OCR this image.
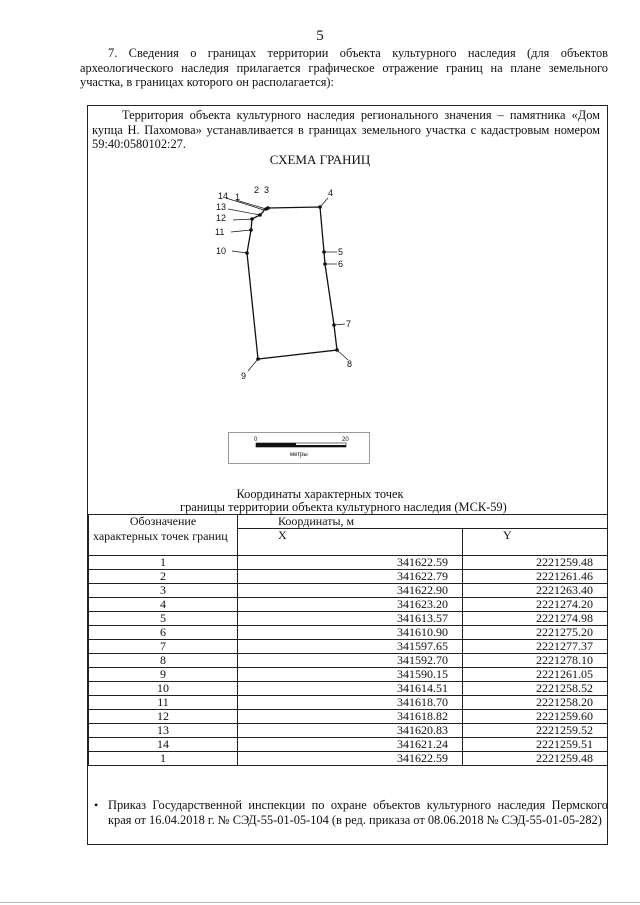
5
7. Сведения о границах территории объекта культурного наследия (для объектов археологического наследия прилагается графическое отражение границ на плане земельного участка, в границах которого он располагается):
Территория объекта культурного наследия регионального значения – памятника «Дом купца Н. Пахомова» устанавливается в границах земельного участка с кадастровым номером 59:40:0580102:27.
СХЕМА ГРАНИЦ
14 1
2 3	4
13
12
11
10	5
6
7
8
9
0	20
метры
Координаты характерных точек
границы территории объекта культурного наследия (МСК-59)
Обозначение	Координаты, м	
характерных точек границ	X	Y
1	341622.59	2221259.48
2	341622.79	2221261.46
3	341622.90	2221263.40
4	341623.20	2221274.20
5	341613.57	2221274.98
6	341610.90	2221275.20
7	341597.65	2221277.37
8	341592.70	2221278.10
9	341590.15	2221261.05
10	341614.51	2221258.52
11	341618.70	2221258.20
12	341618.82	2221259.60
13	341620.83	2221259.52
14	341621.24	2221259.51
1	341622.59	2221259.48
• Приказ Государственной инспекции по охране объектов культурного наследия Пермского края от 16.04.2018 г. № СЭД-55-01-05-104 (в ред. приказа от 08.06.2018 № СЭД-55-01-05-282)
